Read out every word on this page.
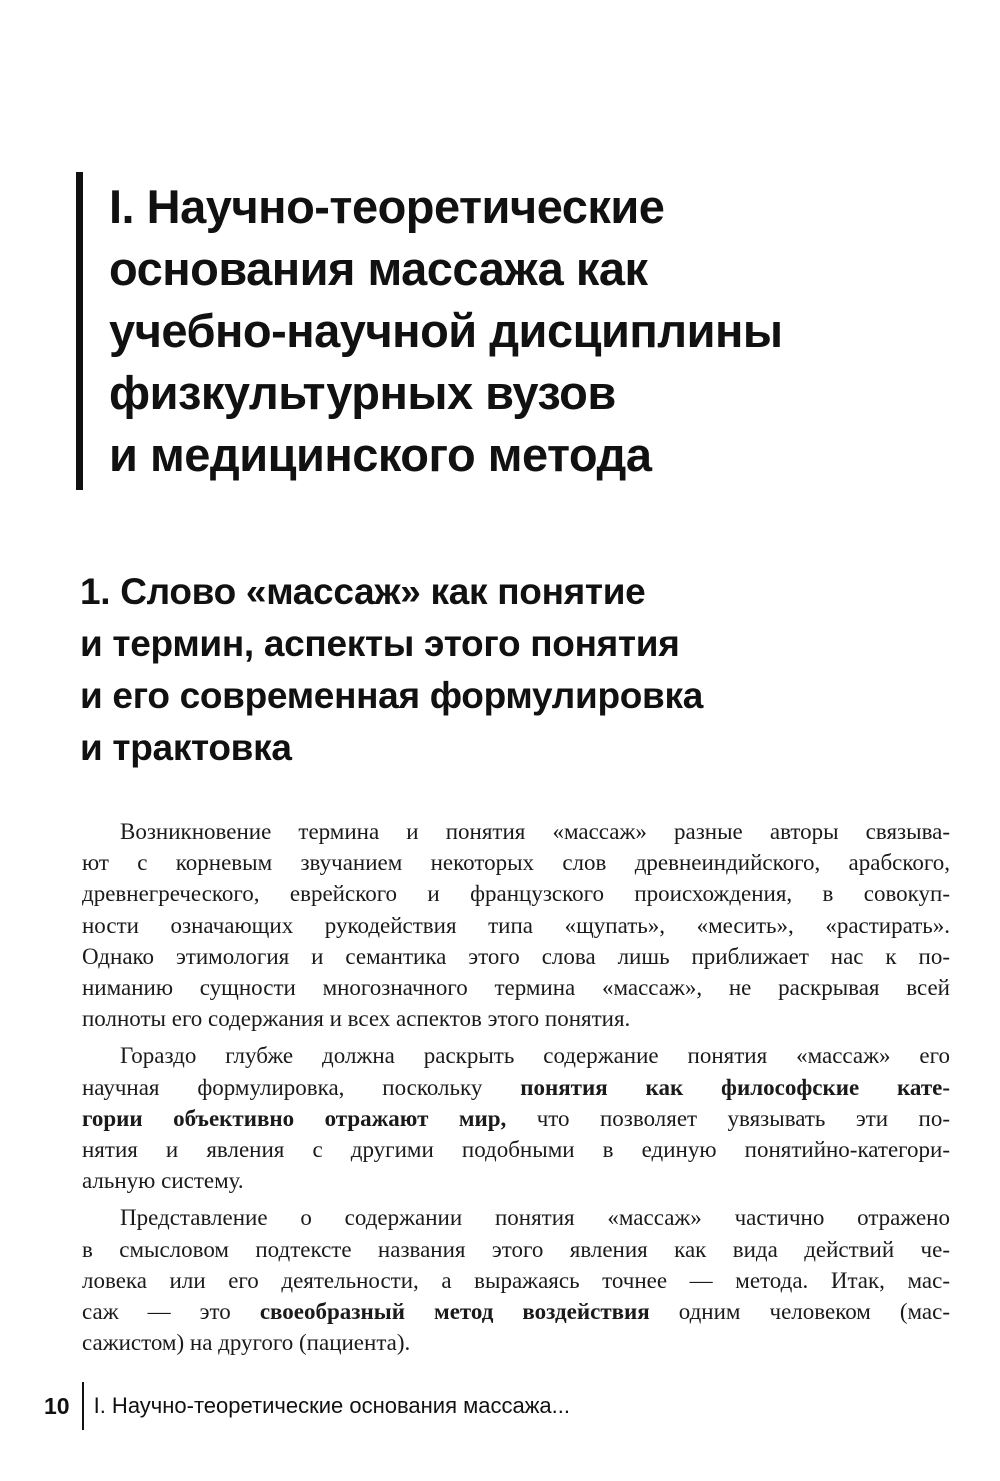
I. Научно-теоретические
основания массажа как
учебно-научной дисциплины
физкультурных вузов
и медицинского метода
1. Слово «массаж» как понятие
и термин, аспекты этого понятия
и его современная формулировка
и трактовка

Возникновение термина и понятия «массаж» разные авторы связыва-
ют с корневым звучанием некоторых слов древнеиндийского, арабского,
древнегреческого, еврейского и французского происхождения, в совокуп-
ности означающих рукодействия типа «щупать», «месить», «растирать».
Однако этимология и семантика этого слова лишь приближает нас к по-
ниманию сущности многозначного термина «массаж», не раскрывая всей
полноты его содержания и всех аспектов этого понятия.

Гораздо глубже должна раскрыть содержание понятия «массаж» его
научная формулировка, поскольку понятия как философские кате-
гории объективно отражают мир, что позволяет увязывать эти по-
нятия и явления с другими подобными в единую понятийно-категори-
альную систему.

Представление о содержании понятия «массаж» частично отражено
в смысловом подтексте названия этого явления как вида действий че-
ловека или его деятельности, а выражаясь точнее — метода. Итак, мас-
саж — это своеобразный метод воздействия одним человеком (мас-
сажистом) на другого (пациента).

10	I. Научно-теоретические основания массажа...
